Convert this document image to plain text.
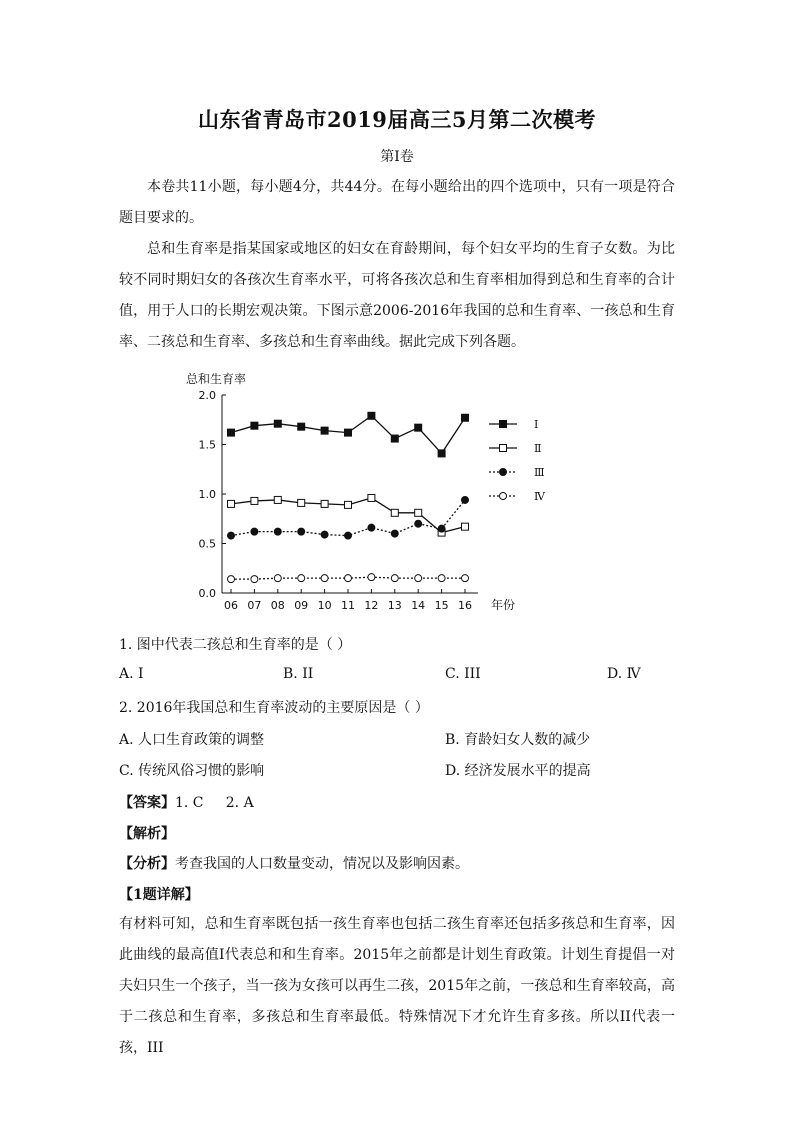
山东省青岛市2019届高三5月第二次模考
第I卷
本卷共11小题，每小题4分，共44分。在每小题给出的四个选项中，只有一项是符合题目要求的。
总和生育率是指某国家或地区的妇女在育龄期间，每个妇女平均的生育子女数。为比较不同时期妇女的各孩次生育率水平，可将各孩次总和生育率相加得到总和生育率的合计值，用于人口的长期宏观决策。下图示意2006-2016年我国的总和生育率、一孩总和生育率、二孩总和生育率、多孩总和生育率曲线。据此完成下列各题。
总和生育率
0.0
0.5
1.0
1.5
2.0
06 07 08 09 10 11 12 13 14 15 16 年份
Ⅰ
Ⅱ
Ⅲ
Ⅳ
1. 图中代表二孩总和生育率的是（ ）
A. I	B. II	C. III	D. Ⅳ
2. 2016年我国总和生育率波动的主要原因是（ ）
A. 人口生育政策的调整	B. 育龄妇女人数的减少
C. 传统风俗习惯的影响	D. 经济发展水平的提高
【答案】1. C     2. A
【解析】
【分析】考查我国的人口数量变动，情况以及影响因素。
【1题详解】
有材料可知，总和生育率既包括一孩生育率也包括二孩生育率还包括多孩总和生育率，因此曲线的最高值I代表总和和生育率。2015年之前都是计划生育政策。计划生育提倡一对夫妇只生一个孩子，当一孩为女孩可以再生二孩，2015年之前，一孩总和生育率较高，高于二孩总和生育率，多孩总和生育率最低。特殊情况下才允许生育多孩。所以II代表一孩，III
